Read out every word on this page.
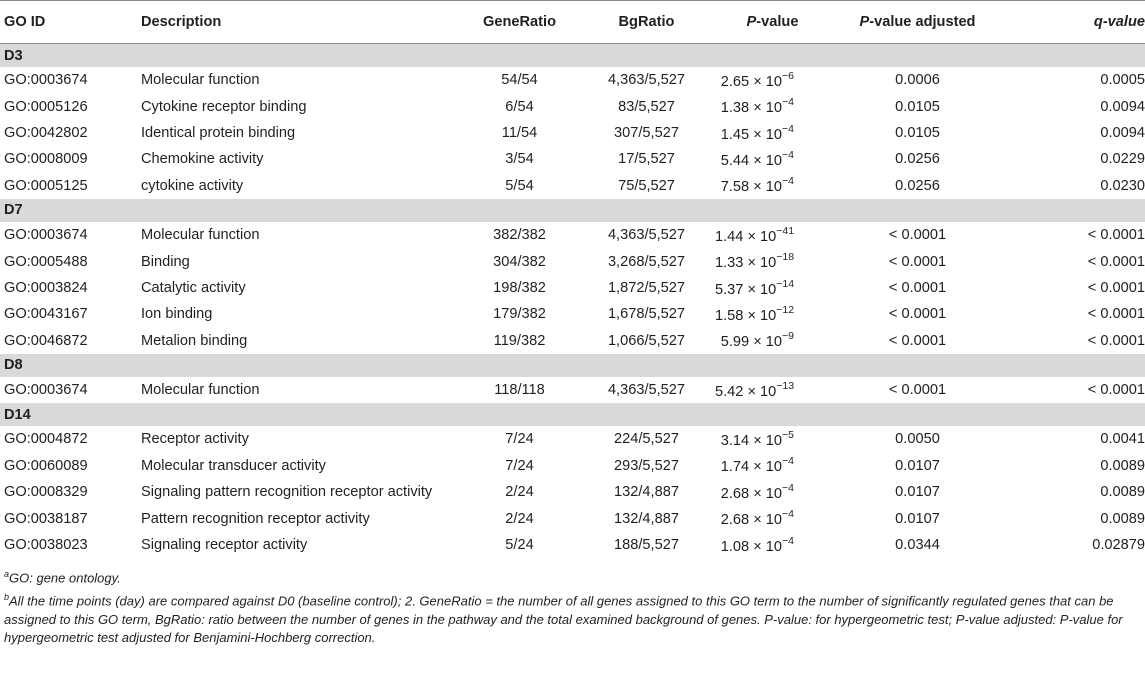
GO ID	Description	GeneRatio	BgRatio	P-value	P-value adjusted	q-value
D3						
GO:0003674	Molecular function	54/54	4,363/5,527	$2.65 \times 10^{-6}$	0.0006	0.0005
GO:0005126	Cytokine receptor binding	6/54	83/5,527	$1.38 \times 10^{-4}$	0.0105	0.0094
GO:0042802	Identical protein binding	11/54	307/5,527	$1.45 \times 10^{-4}$	0.0105	0.0094
GO:0008009	Chemokine activity	3/54	17/5,527	$5.44 \times 10^{-4}$	0.0256	0.0229
GO:0005125	cytokine activity	5/54	75/5,527	$7.58 \times 10^{-4}$	0.0256	0.0230
D7						
GO:0003674	Molecular function	382/382	4,363/5,527	$1.44 \times 10^{-41}$	< 0.0001	< 0.0001
GO:0005488	Binding	304/382	3,268/5,527	$1.33 \times 10^{-18}$	< 0.0001	< 0.0001
GO:0003824	Catalytic activity	198/382	1,872/5,527	$5.37 \times 10^{-14}$	< 0.0001	< 0.0001
GO:0043167	Ion binding	179/382	1,678/5,527	$1.58 \times 10^{-12}$	< 0.0001	< 0.0001
GO:0046872	Metalion binding	119/382	1,066/5,527	$5.99 \times 10^{-9}$	< 0.0001	< 0.0001
D8						
GO:0003674	Molecular function	118/118	4,363/5,527	$5.42 \times 10^{-13}$	< 0.0001	< 0.0001
D14						
GO:0004872	Receptor activity	7/24	224/5,527	$3.14 \times 10^{-5}$	0.0050	0.0041
GO:0060089	Molecular transducer activity	7/24	293/5,527	$1.74 \times 10^{-4}$	0.0107	0.0089
GO:0008329	Signaling pattern recognition receptor activity	2/24	132/4,887	$2.68 \times 10^{-4}$	0.0107	0.0089
GO:0038187	Pattern recognition receptor activity	2/24	132/4,887	$2.68 \times 10^{-4}$	0.0107	0.0089
GO:0038023	Signaling receptor activity	5/24	188/5,527	$1.08 \times 10^{-4}$	0.0344	0.02879

$^a$GO: gene ontology.

$^b$All the time points (day) are compared against D0 (baseline control); 2. GeneRatio = the number of all genes assigned to this GO term to the number of significantly regulated genes that can be assigned to this GO term, BgRatio: ratio between the number of genes in the pathway and the total examined background of genes. P-value: for hypergeometric test; P-value adjusted: P-value for hypergeometric test adjusted for Benjamini-Hochberg correction.
